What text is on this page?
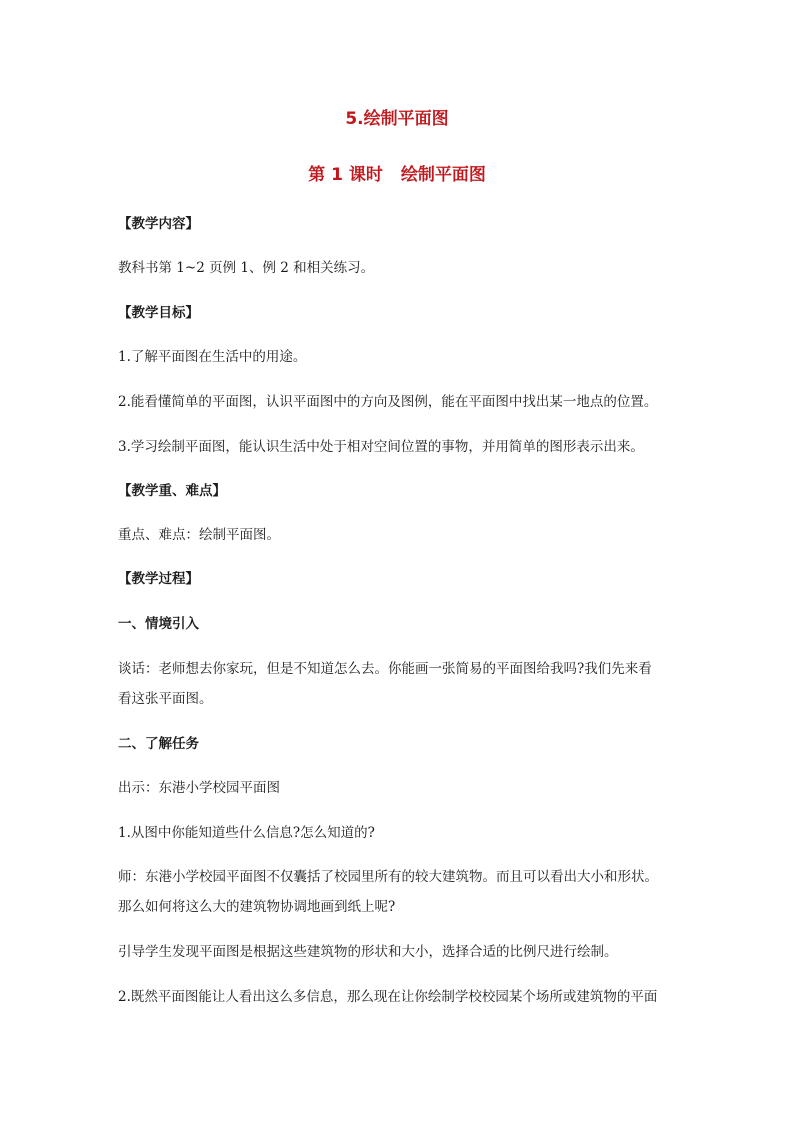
5.绘制平面图
第 1 课时 绘制平面图

【教学内容】

教科书第 1~2 页例 1、例 2 和相关练习。

【教学目标】

1.了解平面图在生活中的用途。

2.能看懂简单的平面图，认识平面图中的方向及图例，能在平面图中找出某一地点的位置。

3.学习绘制平面图，能认识生活中处于相对空间位置的事物，并用简单的图形表示出来。

【教学重、难点】

重点、难点：绘制平面图。

【教学过程】

一、情境引入

谈话：老师想去你家玩，但是不知道怎么去。你能画一张简易的平面图给我吗?我们先来看

看这张平面图。

二、了解任务

出示：东港小学校园平面图

1.从图中你能知道些什么信息?怎么知道的?

师：东港小学校园平面图不仅囊括了校园里所有的较大建筑物。而且可以看出大小和形状。

那么如何将这么大的建筑物协调地画到纸上呢?

引导学生发现平面图是根据这些建筑物的形状和大小，选择合适的比例尺进行绘制。

2.既然平面图能让人看出这么多信息，那么现在让你绘制学校校园某个场所或建筑物的平面
